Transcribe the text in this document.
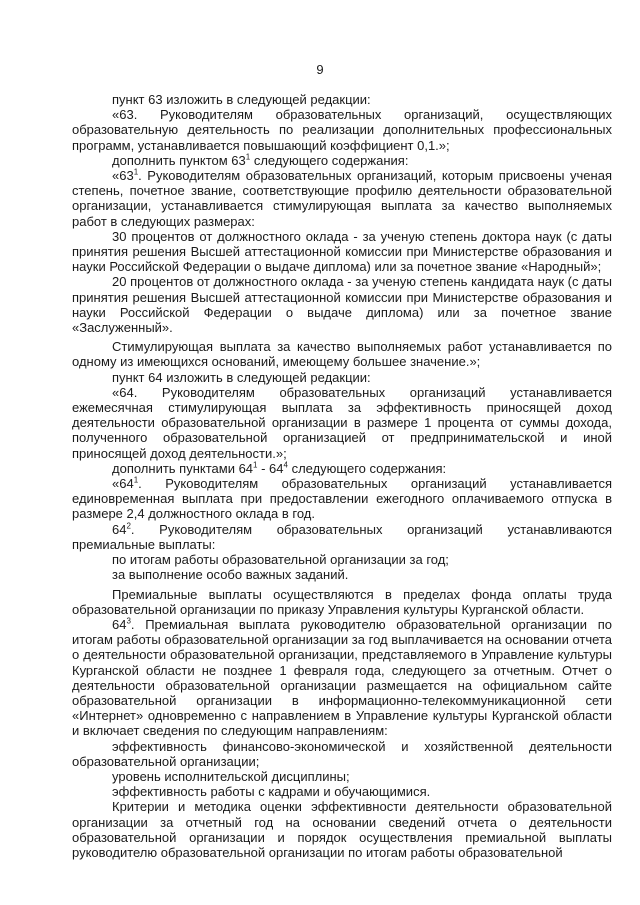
9

пункт 63 изложить в следующей редакции:

«63. Руководителям образовательных организаций, осуществляющих образовательную деятельность по реализации дополнительных профессиональных программ, устанавливается повышающий коэффициент 0,1.»;

дополнить пунктом $63^1$ следующего содержания:

«$63^1$. Руководителям образовательных организаций, которым присвоены ученая степень, почетное звание, соответствующие профилю деятельности образовательной организации, устанавливается стимулирующая выплата за качество выполняемых работ в следующих размерах:

30 процентов от должностного оклада - за ученую степень доктора наук (с даты принятия решения Высшей аттестационной комиссии при Министерстве образования и науки Российской Федерации о выдаче диплома) или за почетное звание «Народный»;

20 процентов от должностного оклада - за ученую степень кандидата наук (с даты принятия решения Высшей аттестационной комиссии при Министерстве образования и науки Российской Федерации о выдаче диплома) или за почетное звание «Заслуженный».

Стимулирующая выплата за качество выполняемых работ устанавливается по одному из имеющихся оснований, имеющему большее значение.»;

пункт 64 изложить в следующей редакции:

«64. Руководителям образовательных организаций устанавливается ежемесячная стимулирующая выплата за эффективность приносящей доход деятельности образовательной организации в размере 1 процента от суммы дохода, полученного образовательной организацией от предпринимательской и иной приносящей доход деятельности.»;

дополнить пунктами $64^1 - 64^4$ следующего содержания:

«$64^1$. Руководителям образовательных организаций устанавливается единовременная выплата при предоставлении ежегодного оплачиваемого отпуска в размере 2,4 должностного оклада в год.

$64^2$. Руководителям образовательных организаций устанавливаются премиальные выплаты:

по итогам работы образовательной организации за год;

за выполнение особо важных заданий.

Премиальные выплаты осуществляются в пределах фонда оплаты труда образовательной организации по приказу Управления культуры Курганской области.

$64^3$. Премиальная выплата руководителю образовательной организации по итогам работы образовательной организации за год выплачивается на основании отчета о деятельности образовательной организации, представляемого в Управление культуры Курганской области не позднее 1 февраля года, следующего за отчетным. Отчет о деятельности образовательной организации размещается на официальном сайте образовательной организации в информационно-телекоммуникационной сети «Интернет» одновременно с направлением в Управление культуры Курганской области и включает сведения по следующим направлениям:

эффективность финансово-экономической и хозяйственной деятельности образовательной организации;

уровень исполнительской дисциплины;

эффективность работы с кадрами и обучающимися.

Критерии и методика оценки эффективности деятельности образовательной организации за отчетный год на основании сведений отчета о деятельности образовательной организации и порядок осуществления премиальной выплаты руководителю образовательной организации по итогам работы образовательной
